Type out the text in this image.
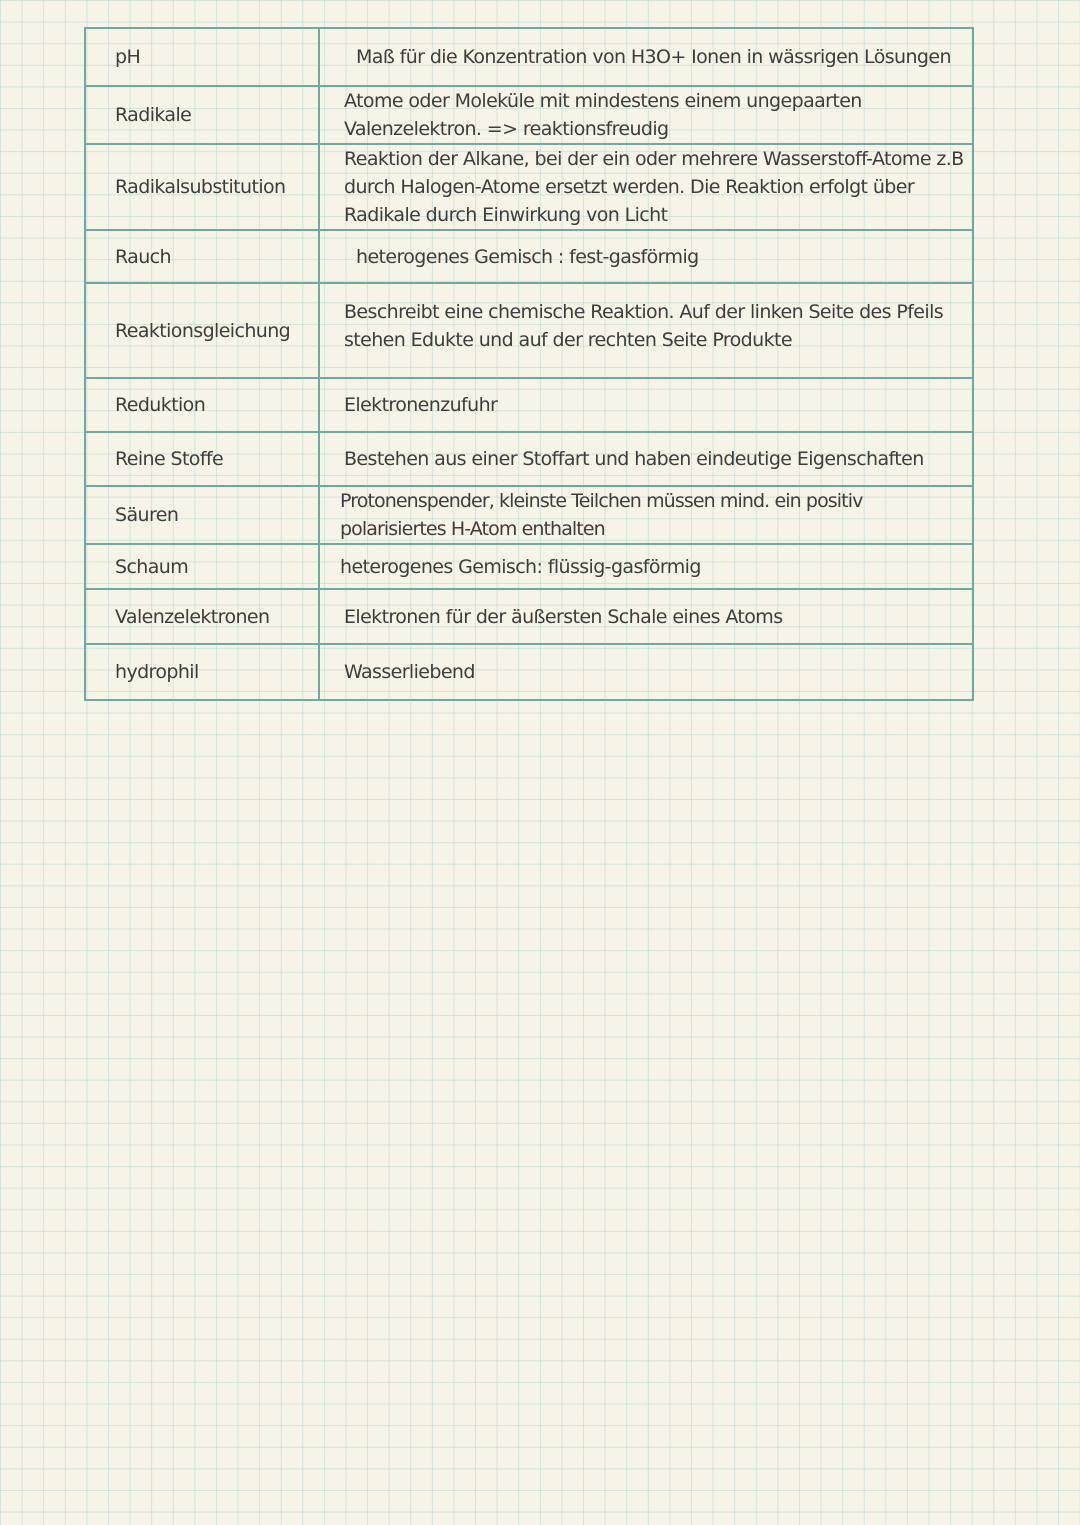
pH	Maß für die Konzentration von H3O+ Ionen in wässrigen Lösungen
Radikale	Atome oder Moleküle mit mindestens einem ungepaarten Valenzelektron. => reaktionsfreudig
Radikalsubstitution	Reaktion der Alkane, bei der ein oder mehrere Wasserstoff-Atome z.B durch Halogen-Atome ersetzt werden. Die Reaktion erfolgt über Radikale durch Einwirkung von Licht
Rauch	heterogenes Gemisch : fest-gasförmig
Reaktionsgleichung	Beschreibt eine chemische Reaktion. Auf der linken Seite des Pfeils stehen Edukte und auf der rechten Seite Produkte
Reduktion	Elektronenzufuhr
Reine Stoffe	Bestehen aus einer Stoffart und haben eindeutige Eigenschaften
Säuren	Protonenspender, kleinste Teilchen müssen mind. ein positiv polarisiertes H-Atom enthalten
Schaum	heterogenes Gemisch: flüssig-gasförmig
Valenzelektronen	Elektronen für der äußersten Schale eines Atoms
hydrophil	Wasserliebend
